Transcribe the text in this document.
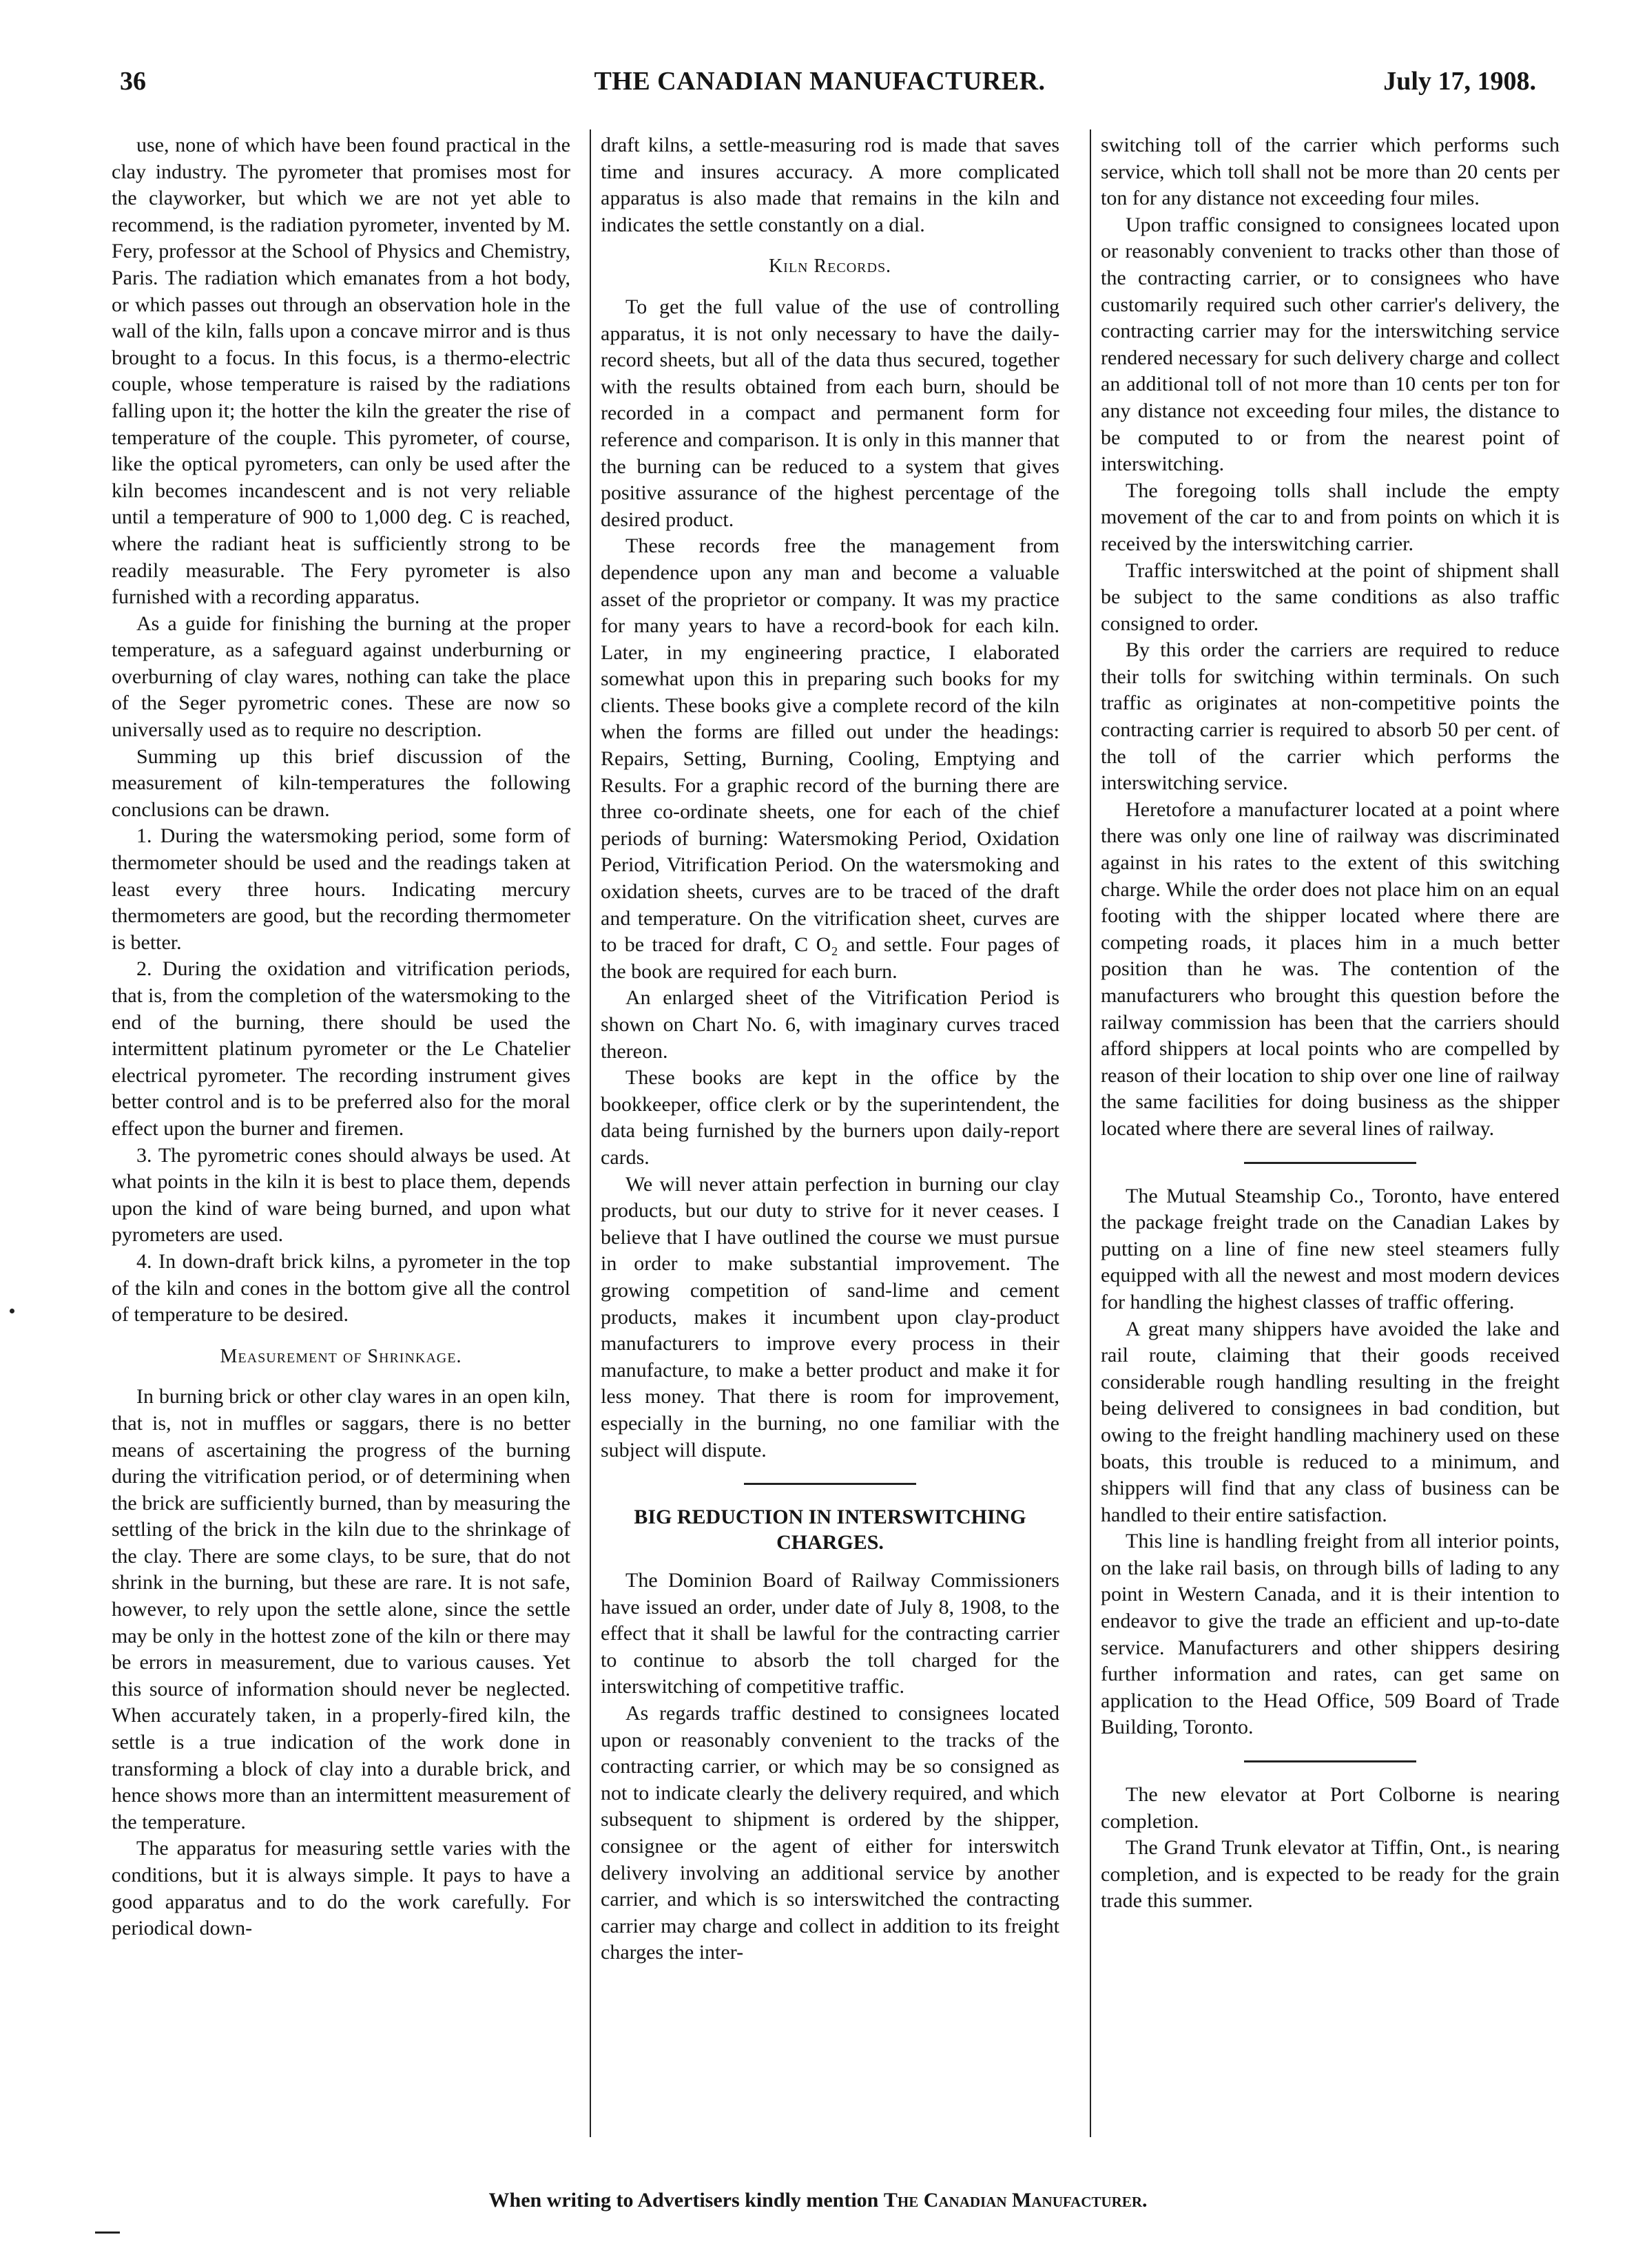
36	THE CANADIAN MANUFACTURER.	July 17, 1908.

use, none of which have been found practical in the clay industry. The pyrometer that promises most for the clayworker, but which we are not yet able to recommend, is the radiation pyrometer, invented by M. Fery, professor at the School of Physics and Chemistry, Paris. The radiation which emanates from a hot body, or which passes out through an observation hole in the wall of the kiln, falls upon a concave mirror and is thus brought to a focus. In this focus, is a thermo-electric couple, whose temperature is raised by the radiations falling upon it; the hotter the kiln the greater the rise of temperature of the couple. This pyrometer, of course, like the optical pyrometers, can only be used after the kiln becomes incandescent and is not very reliable until a temperature of 900 to 1,000 deg. C is reached, where the radiant heat is sufficiently strong to be readily measurable. The Fery pyrometer is also furnished with a recording apparatus.

As a guide for finishing the burning at the proper temperature, as a safeguard against underburning or overburning of clay wares, nothing can take the place of the Seger pyrometric cones. These are now so universally used as to require no description.

Summing up this brief discussion of the measurement of kiln-temperatures the following conclusions can be drawn.

1. During the watersmoking period, some form of thermometer should be used and the readings taken at least every three hours. Indicating mercury thermometers are good, but the recording thermometer is better.

2. During the oxidation and vitrification periods, that is, from the completion of the watersmoking to the end of the burning, there should be used the intermittent platinum pyrometer or the Le Chatelier electrical pyrometer. The recording instrument gives better control and is to be preferred also for the moral effect upon the burner and firemen.

3. The pyrometric cones should always be used. At what points in the kiln it is best to place them, depends upon the kind of ware being burned, and upon what pyrometers are used.

4. In down-draft brick kilns, a pyrometer in the top of the kiln and cones in the bottom give all the control of temperature to be desired.

Measurement of Shrinkage.

In burning brick or other clay wares in an open kiln, that is, not in muffles or saggars, there is no better means of ascertaining the progress of the burning during the vitrification period, or of determining when the brick are sufficiently burned, than by measuring the settling of the brick in the kiln due to the shrinkage of the clay. There are some clays, to be sure, that do not shrink in the burning, but these are rare. It is not safe, however, to rely upon the settle alone, since the settle may be only in the hottest zone of the kiln or there may be errors in measurement, due to various causes. Yet this source of information should never be neglected. When accurately taken, in a properly-fired kiln, the settle is a true indication of the work done in transforming a block of clay into a durable brick, and hence shows more than an intermittent measurement of the temperature.

The apparatus for measuring settle varies with the conditions, but it is always simple. It pays to have a good apparatus and to do the work carefully. For periodical down-

draft kilns, a settle-measuring rod is made that saves time and insures accuracy. A more complicated apparatus is also made that remains in the kiln and indicates the settle constantly on a dial.

Kiln Records.

To get the full value of the use of controlling apparatus, it is not only necessary to have the daily-record sheets, but all of the data thus secured, together with the results obtained from each burn, should be recorded in a compact and permanent form for reference and comparison. It is only in this manner that the burning can be reduced to a system that gives positive assurance of the highest percentage of the desired product.

These records free the management from dependence upon any man and become a valuable asset of the proprietor or company. It was my practice for many years to have a record-book for each kiln. Later, in my engineering practice, I elaborated somewhat upon this in preparing such books for my clients. These books give a complete record of the kiln when the forms are filled out under the headings: Repairs, Setting, Burning, Cooling, Emptying and Results. For a graphic record of the burning there are three co-ordinate sheets, one for each of the chief periods of burning: Watersmoking Period, Oxidation Period, Vitrification Period. On the watersmoking and oxidation sheets, curves are to be traced of the draft and temperature. On the vitrification sheet, curves are to be traced for draft, C O₂ and settle. Four pages of the book are required for each burn.

An enlarged sheet of the Vitrification Period is shown on Chart No. 6, with imaginary curves traced thereon.

These books are kept in the office by the bookkeeper, office clerk or by the superintendent, the data being furnished by the burners upon daily-report cards.

We will never attain perfection in burning our clay products, but our duty to strive for it never ceases. I believe that I have outlined the course we must pursue in order to make substantial improvement. The growing competition of sand-lime and cement products, makes it incumbent upon clay-product manufacturers to improve every process in their manufacture, to make a better product and make it for less money. That there is room for improvement, especially in the burning, no one familiar with the subject will dispute.

BIG REDUCTION IN INTERSWITCHING CHARGES.

The Dominion Board of Railway Commissioners have issued an order, under date of July 8, 1908, to the effect that it shall be lawful for the contracting carrier to continue to absorb the toll charged for the interswitching of competitive traffic.

As regards traffic destined to consignees located upon or reasonably convenient to the tracks of the contracting carrier, or which may be so consigned as not to indicate clearly the delivery required, and which subsequent to shipment is ordered by the shipper, consignee or the agent of either for interswitch delivery involving an additional service by another carrier, and which is so interswitched the contracting carrier may charge and collect in addition to its freight charges the inter-

switching toll of the carrier which performs such service, which toll shall not be more than 20 cents per ton for any distance not exceeding four miles.

Upon traffic consigned to consignees located upon or reasonably convenient to tracks other than those of the contracting carrier, or to consignees who have customarily required such other carrier's delivery, the contracting carrier may for the interswitching service rendered necessary for such delivery charge and collect an additional toll of not more than 10 cents per ton for any distance not exceeding four miles, the distance to be computed to or from the nearest point of interswitching.

The foregoing tolls shall include the empty movement of the car to and from points on which it is received by the interswitching carrier.

Traffic interswitched at the point of shipment shall be subject to the same conditions as also traffic consigned to order.

By this order the carriers are required to reduce their tolls for switching within terminals. On such traffic as originates at non-competitive points the contracting carrier is required to absorb 50 per cent. of the toll of the carrier which performs the interswitching service.

Heretofore a manufacturer located at a point where there was only one line of railway was discriminated against in his rates to the extent of this switching charge. While the order does not place him on an equal footing with the shipper located where there are competing roads, it places him in a much better position than he was. The contention of the manufacturers who brought this question before the railway commission has been that the carriers should afford shippers at local points who are compelled by reason of their location to ship over one line of railway the same facilities for doing business as the shipper located where there are several lines of railway.

The Mutual Steamship Co., Toronto, have entered the package freight trade on the Canadian Lakes by putting on a line of fine new steel steamers fully equipped with all the newest and most modern devices for handling the highest classes of traffic offering.

A great many shippers have avoided the lake and rail route, claiming that their goods received considerable rough handling resulting in the freight being delivered to consignees in bad condition, but owing to the freight handling machinery used on these boats, this trouble is reduced to a minimum, and shippers will find that any class of business can be handled to their entire satisfaction.

This line is handling freight from all interior points, on the lake rail basis, on through bills of lading to any point in Western Canada, and it is their intention to endeavor to give the trade an efficient and up-to-date service. Manufacturers and other shippers desiring further information and rates, can get same on application to the Head Office, 509 Board of Trade Building, Toronto.

The new elevator at Port Colborne is nearing completion.

The Grand Trunk elevator at Tiffin, Ont., is nearing completion, and is expected to be ready for the grain trade this summer.

When writing to Advertisers kindly mention The Canadian Manufacturer.
